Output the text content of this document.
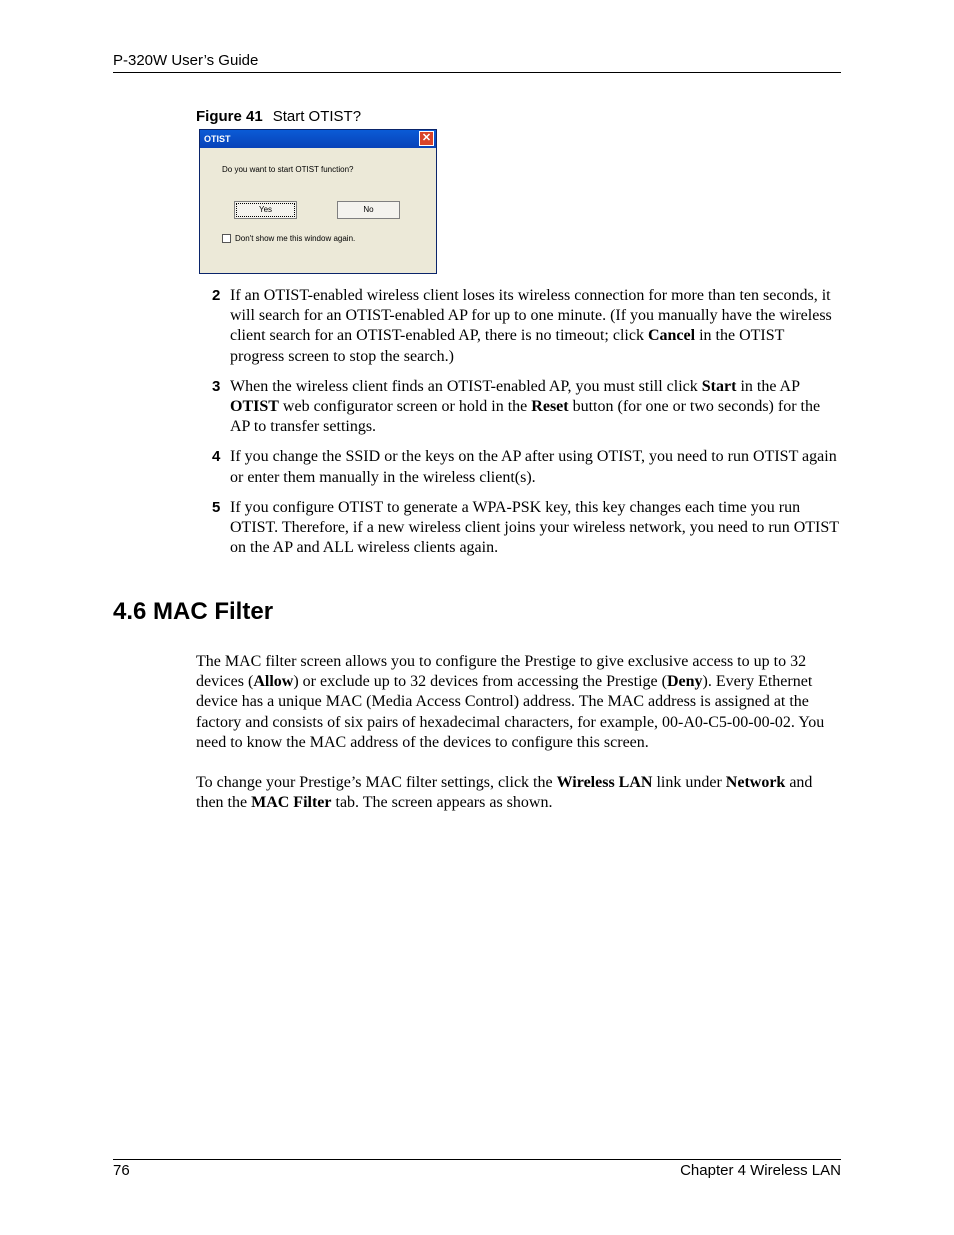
P-320W User’s Guide
Figure 41 Start OTIST?
OTIST	✕
Do you want to start OTIST function?
Yes	No
Don't show me this window again.
2 If an OTIST-enabled wireless client loses its wireless connection for more than ten seconds, it will search for an OTIST-enabled AP for up to one minute. (If you manually have the wireless client search for an OTIST-enabled AP, there is no timeout; click Cancel in the OTIST progress screen to stop the search.)
3 When the wireless client finds an OTIST-enabled AP, you must still click Start in the AP OTIST web configurator screen or hold in the Reset button (for one or two seconds) for the AP to transfer settings.
4 If you change the SSID or the keys on the AP after using OTIST, you need to run OTIST again or enter them manually in the wireless client(s).
5 If you configure OTIST to generate a WPA-PSK key, this key changes each time you run OTIST. Therefore, if a new wireless client joins your wireless network, you need to run OTIST on the AP and ALL wireless clients again.
4.6 MAC Filter
The MAC filter screen allows you to configure the Prestige to give exclusive access to up to 32 devices (Allow) or exclude up to 32 devices from accessing the Prestige (Deny). Every Ethernet device has a unique MAC (Media Access Control) address. The MAC address is assigned at the factory and consists of six pairs of hexadecimal characters, for example, 00-A0-C5-00-00-02. You need to know the MAC address of the devices to configure this screen.
To change your Prestige’s MAC filter settings, click the Wireless LAN link under Network and then the MAC Filter tab. The screen appears as shown.
76	Chapter 4 Wireless LAN
